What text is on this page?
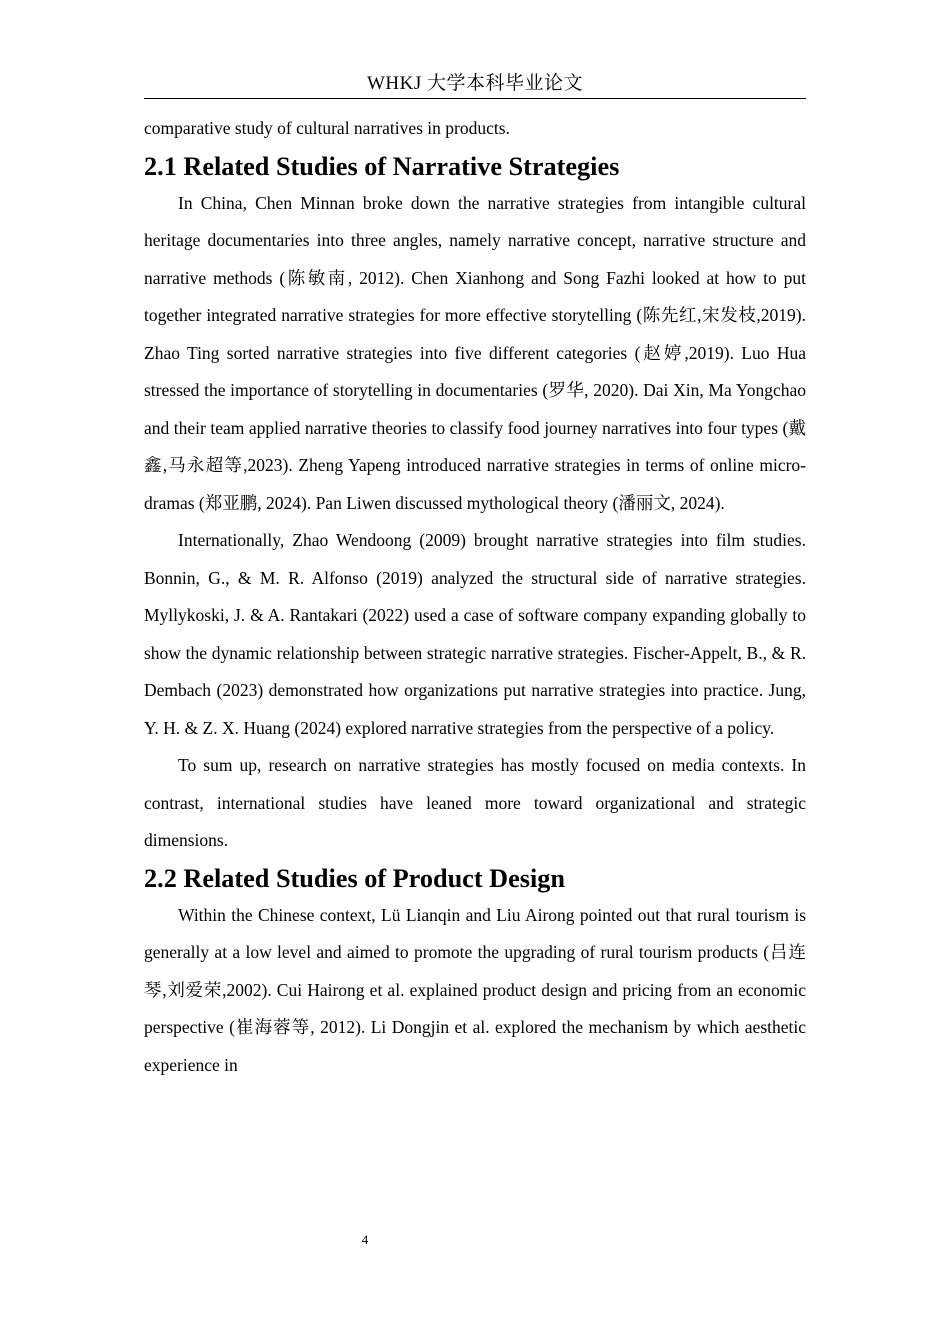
WHKJ 大学本科毕业论文

comparative study of cultural narratives in products.

2.1 Related Studies of Narrative Strategies

In China, Chen Minnan broke down the narrative strategies from intangible cultural heritage documentaries into three angles, namely narrative concept, narrative structure and narrative methods (陈敏南, 2012). Chen Xianhong and Song Fazhi looked at how to put together integrated narrative strategies for more effective storytelling (陈先红,宋发枝,2019). Zhao Ting sorted narrative strategies into five different categories (赵婷,2019). Luo Hua stressed the importance of storytelling in documentaries (罗华, 2020). Dai Xin, Ma Yongchao and their team applied narrative theories to classify food journey narratives into four types (戴鑫,马永超等,2023). Zheng Yapeng introduced narrative strategies in terms of online micro-dramas (郑亚鹏, 2024). Pan Liwen discussed mythological theory (潘丽文, 2024).

Internationally, Zhao Wendoong (2009) brought narrative strategies into film studies. Bonnin, G., & M. R. Alfonso (2019) analyzed the structural side of narrative strategies. Myllykoski, J. & A. Rantakari (2022) used a case of software company expanding globally to show the dynamic relationship between strategic narrative strategies. Fischer-Appelt, B., & R. Dembach (2023) demonstrated how organizations put narrative strategies into practice. Jung, Y. H. & Z. X. Huang (2024) explored narrative strategies from the perspective of a policy.

To sum up, research on narrative strategies has mostly focused on media contexts. In contrast, international studies have leaned more toward organizational and strategic dimensions.

2.2 Related Studies of Product Design

Within the Chinese context, Lü Lianqin and Liu Airong pointed out that rural tourism is generally at a low level and aimed to promote the upgrading of rural tourism products (吕连琴,刘爱荣,2002). Cui Hairong et al. explained product design and pricing from an economic perspective (崔海蓉等, 2012). Li Dongjin et al. explored the mechanism by which aesthetic experience in

4
